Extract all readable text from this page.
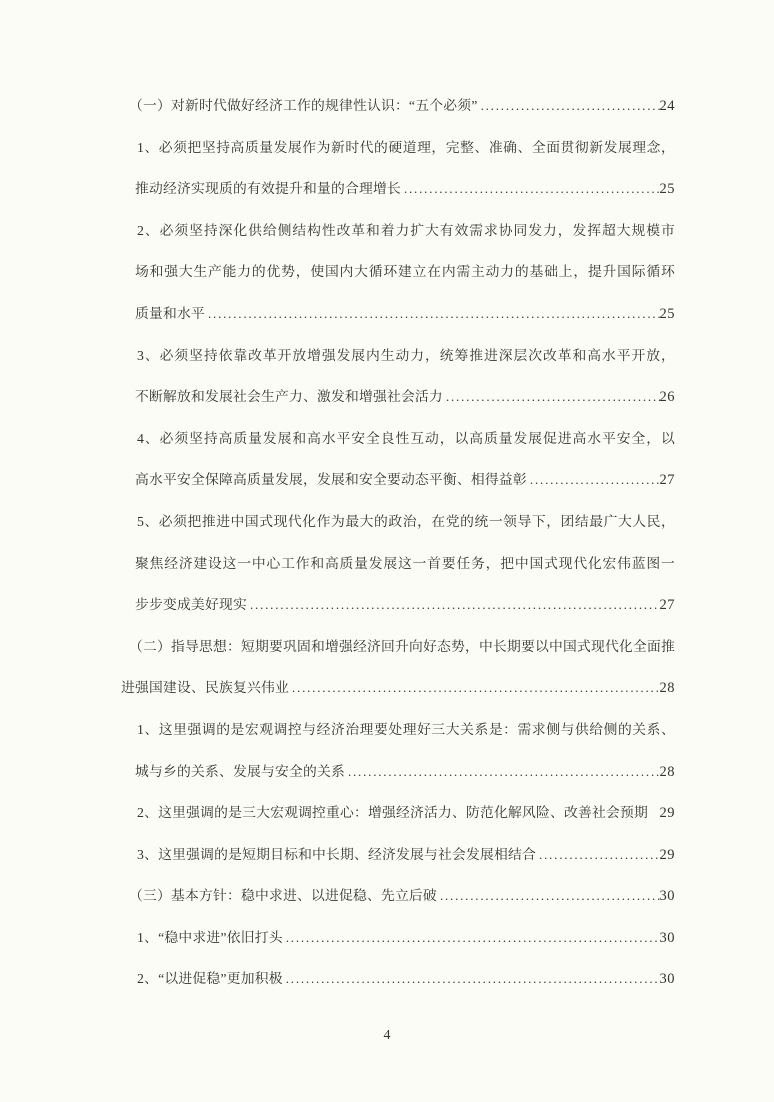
（一）对新时代做好经济工作的规律性认识：“五个必须” .....	24
1、必须把坚持高质量发展作为新时代的硬道理，完整、准确、全面贯彻新发展理念，
推动经济实现质的有效提升和量的合理增长 .....	25
2、必须坚持深化供给侧结构性改革和着力扩大有效需求协同发力，发挥超大规模市
场和强大生产能力的优势，使国内大循环建立在内需主动力的基础上，提升国际循环
质量和水平 .....	25
3、必须坚持依靠改革开放增强发展内生动力，统筹推进深层次改革和高水平开放，
不断解放和发展社会生产力、激发和增强社会活力 .....	26
4、必须坚持高质量发展和高水平安全良性互动，以高质量发展促进高水平安全，以
高水平安全保障高质量发展，发展和安全要动态平衡、相得益彰 .....	27
5、必须把推进中国式现代化作为最大的政治，在党的统一领导下，团结最广大人民，
聚焦经济建设这一中心工作和高质量发展这一首要任务，把中国式现代化宏伟蓝图一
步步变成美好现实 .....	27
（二）指导思想：短期要巩固和增强经济回升向好态势，中长期要以中国式现代化全面推
进强国建设、民族复兴伟业 .....	28
1、这里强调的是宏观调控与经济治理要处理好三大关系是：需求侧与供给侧的关系、
城与乡的关系、发展与安全的关系 .....	28
2、这里强调的是三大宏观调控重心：增强经济活力、防范化解风险、改善社会预期 29
3、这里强调的是短期目标和中长期、经济发展与社会发展相结合 .....	29
（三）基本方针：稳中求进、以进促稳、先立后破 .....	30
1、“稳中求进”依旧打头 .....	30
2、“以进促稳”更加积极 .....	30
4
